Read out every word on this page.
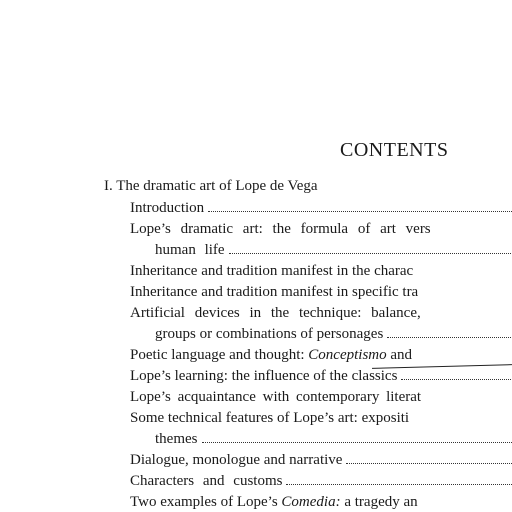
CONTENTS
I. The dramatic art of Lope de Vega
Introduction
Lope’s dramatic art: the formula of art vers
human life
Inheritance and tradition manifest in the charac
Inheritance and tradition manifest in specific tra
Artificial devices in the technique: balance,
groups or combinations of personages
Poetic language and thought: Conceptismo and
Lope’s learning: the influence of the classics
Lope’s acquaintance with contemporary literat
Some technical features of Lope’s art: expositi
themes
Dialogue, monologue and narrative
Characters and customs
Two examples of Lope’s Comedia: a tragedy an
